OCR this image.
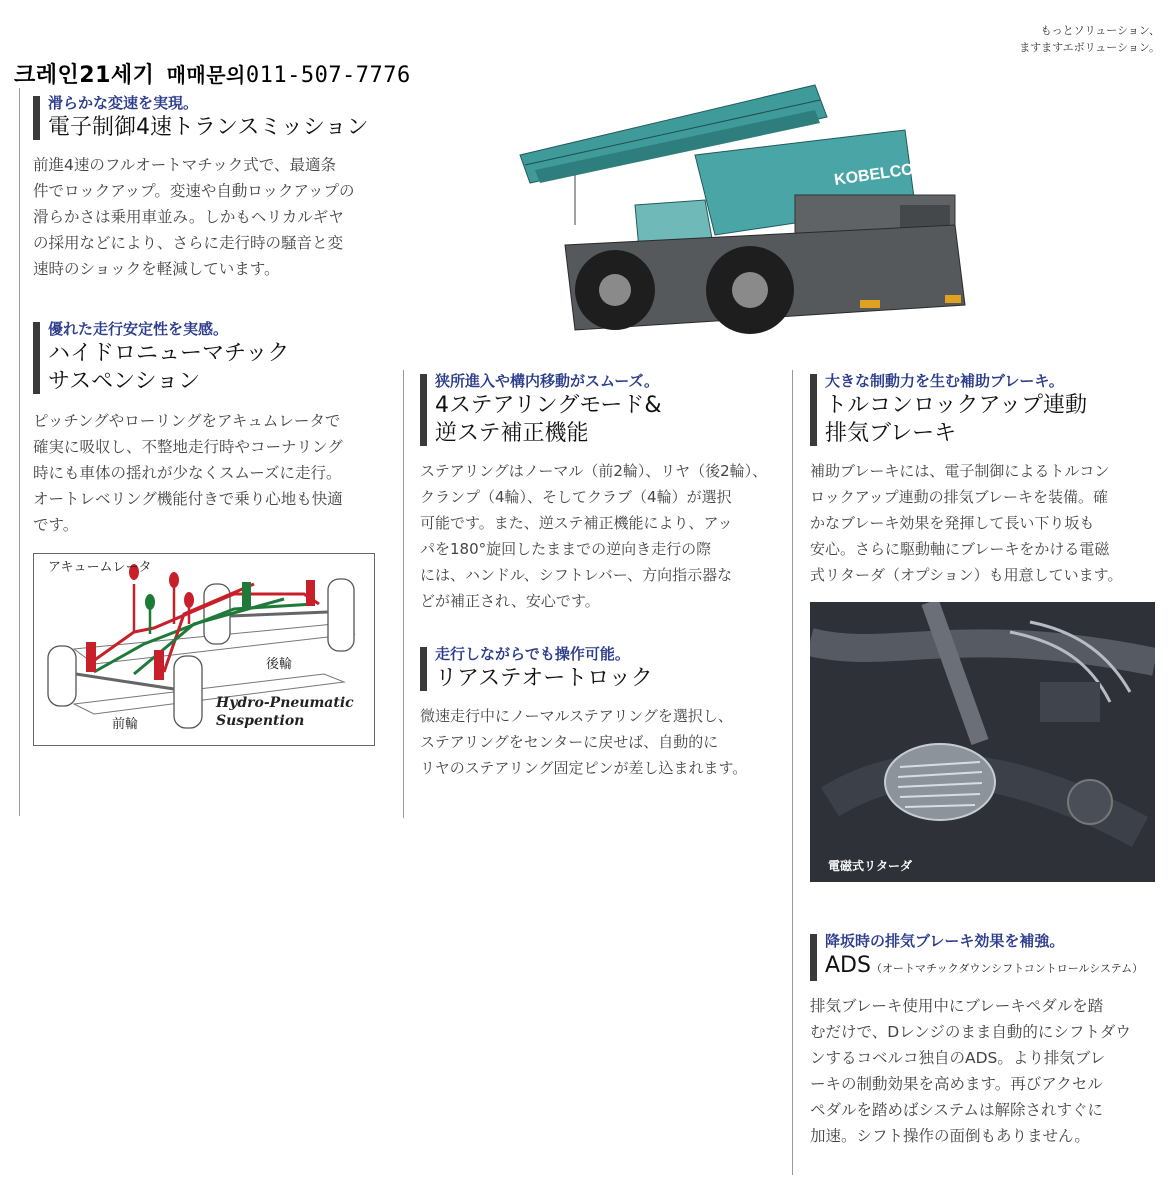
もっとソリューション、
ますますエボリューション。
크레인21세기 매매문의011-507-7776
滑らかな変速を実現。
電子制御4速トランスミッション
前進4速のフルオートマチック式で、最適条
件でロックアップ。変速や自動ロックアップの
滑らかさは乗用車並み。しかもヘリカルギヤ
の採用などにより、さらに走行時の騒音と変
速時のショックを軽減しています。
優れた走行安定性を実感。
ハイドロニューマチック
サスペンション
ピッチングやローリングをアキュムレータで
確実に吸収し、不整地走行時やコーナリング
時にも車体の揺れが少なくスムーズに走行。
オートレベリング機能付きで乗り心地も快適
です。
アキュームレータ
後輪
前輪
Hydro-Pneumatic
Suspention
KOBELCO
狭所進入や構内移動がスムーズ。
4ステアリングモード&
逆ステ補正機能
ステアリングはノーマル（前2輪）、リヤ（後2輪）、
クランプ（4輪）、そしてクラブ（4輪）が選択
可能です。また、逆ステ補正機能により、アッ
パを180°旋回したままでの逆向き走行の際
には、ハンドル、シフトレバー、方向指示器な
どが補正され、安心です。
走行しながらでも操作可能。
リアステオートロック
微速走行中にノーマルステアリングを選択し、
ステアリングをセンターに戻せば、自動的に
リヤのステアリング固定ピンが差し込まれます。
大きな制動力を生む補助ブレーキ。
トルコンロックアップ連動
排気ブレーキ
補助ブレーキには、電子制御によるトルコン
ロックアップ連動の排気ブレーキを装備。確
かなブレーキ効果を発揮して長い下り坂も
安心。さらに駆動軸にブレーキをかける電磁
式リターダ（オプション）も用意しています。
電磁式リターダ
降坂時の排気ブレーキ効果を補強。
ADS（オートマチックダウンシフトコントロールシステム）
排気ブレーキ使用中にブレーキペダルを踏
むだけで、Dレンジのまま自動的にシフトダウ
ンするコベルコ独自のADS。より排気ブレ
ーキの制動効果を高めます。再びアクセル
ペダルを踏めばシステムは解除されすぐに
加速。シフト操作の面倒もありません。
